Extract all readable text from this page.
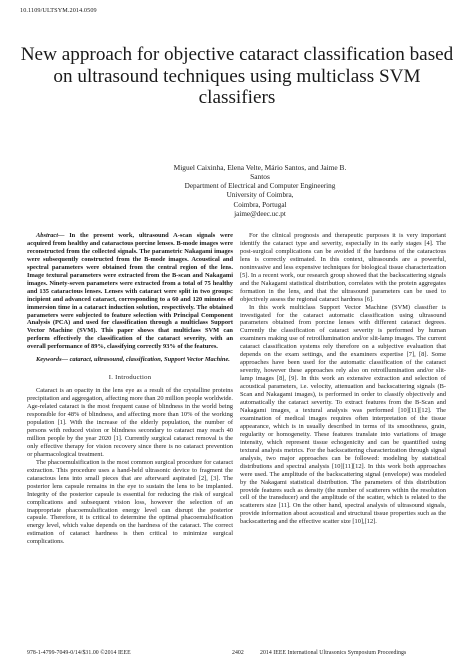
10.1109/ULTSYM.2014.0509
New approach for objective cataract classification based on ultrasound techniques using multiclass SVM classifiers
Miguel Caixinha, Elena Velte, Mário Santos, and Jaime B. Santos
Department of Electrical and Computer Engineering
University of Coimbra,
Coimbra, Portugal
jaime@deec.uc.pt

Abstract— In the present work, ultrasound A-scan signals were acquired from healthy and cataractous porcine lenses. B-mode images were reconstructed from the collected signals. The parametric Nakagami images were subsequently constructed from the B-mode images. Acoustical and spectral parameters were obtained from the central region of the lens. Image textural parameters were extracted from the B-scan and Nakagami images. Ninety-seven parameters were extracted from a total of 75 healthy and 135 cataractous lenses. Lenses with cataract were split in two groups: incipient and advanced cataract, corresponding to a 60 and 120 minutes of immersion time in a cataract induction solution, respectively. The obtained parameters were subjected to feature selection with Principal Component Analysis (PCA) and used for classification through a multiclass Support Vector Machine (SVM). This paper shows that multiclass SVM can perform effectively the classification of the cataract severity, with an overall performance of 89%, classifying correctly 93% of the features.

Keywords— cataract, ultrasound, classification, Support Vector Machine.

I. Introduction

Cataract is an opacity in the lens eye as a result of the crystalline proteins precipitation and aggregation, affecting more than 20 million people worldwide. Age-related cataract is the most frequent cause of blindness in the world being responsible for 48% of blindness, and affecting more than 10% of the working population [1]. With the increase of the elderly population, the number of persons with reduced vision or blindness secondary to cataract may reach 40 million people by the year 2020 [1]. Currently surgical cataract removal is the only effective therapy for vision recovery since there is no cataract prevention or pharmacological treatment.

The phacoemulsification is the most common surgical procedure for cataract extraction. This procedure uses a hand-held ultrasonic device to fragment the cataractous lens into small pieces that are afterward aspirated [2], [3]. The posterior lens capsule remains in the eye to sustain the lens to be implanted. Integrity of the posterior capsule is essential for reducing the risk of surgical complications and subsequent vision loss, however the selection of an inappropriate phacoemulsification energy level can disrupt the posterior capsule. Therefore, it is critical to determine the optimal phacoemulsification energy level, which value depends on the hardness of the cataract. The correct estimation of cataract hardness is then critical to minimize surgical complications.

For the clinical prognosis and therapeutic purposes it is very important identify the cataract type and severity, especially in its early stages [4]. The post-surgical complications can be avoided if the hardness of the cataractous lens is correctly estimated. In this context, ultrasounds are a powerful, noninvasive and less expensive techniques for biological tissue characterization [5]. In a recent work, our research group showed that the backscattering signals and the Nakagami statistical distribution, correlates with the protein aggregates formation in the lens, and that the ultrasound parameters can be used to objectively assess the regional cataract hardness [6].

In this work multiclass Support Vector Machine (SVM) classifier is investigated for the cataract automatic classification using ultrasound parameters obtained from porcine lenses with different cataract degrees. Currently the classification of cataract severity is performed by human examiners making use of retroillumination and/or slit-lamp images. The current cataract classification systems rely therefore on a subjective evaluation that depends on the exam settings, and the examiners expertise [7], [8]. Some approaches have been used for the automatic classification of the cataract severity, however these approaches rely also on retroillumination and/or slit-lamp images [8], [9]. In this work an extensive extraction and selection of acoustical parameters, i.e. velocity, attenuation and backscattering signals (B-Scan and Nakagami images), is performed in order to classify objectively and automatically the cataract severity. To extract features from the B-Scan and Nakagami images, a textural analysis was performed [10][11][12]. The examination of medical images requires often interpretation of the tissue appearance, which is in usually described in terms of its smoothness, grain, regularity or homogeneity. These features translate into variations of image intensity, which represent tissue echogenicity and can be quantified using textural analysis metrics. For the backscattering characterization through signal analysis, two major approaches can be followed: modeling by statistical distributions and spectral analysis [10][11][12]. In this work both approaches were used. The amplitude of the backscattering signal (envelope) was modeled by the Nakagami statistical distribution. The parameters of this distribution provide features such as density (the number of scatterers within the resolution cell of the transducer) and the amplitude of the scatter, which is related to the scatterers size [11]. On the other hand, spectral analysis of ultrasound signals, provide information about acoustical and structural tissue properties such as the backscattering and the effective scatter size [10],[12].

978-1-4799-7049-0/14/$31.00 ©2014 IEEE	2402	2014 IEEE International Ultrasonics Symposium Proceedings
